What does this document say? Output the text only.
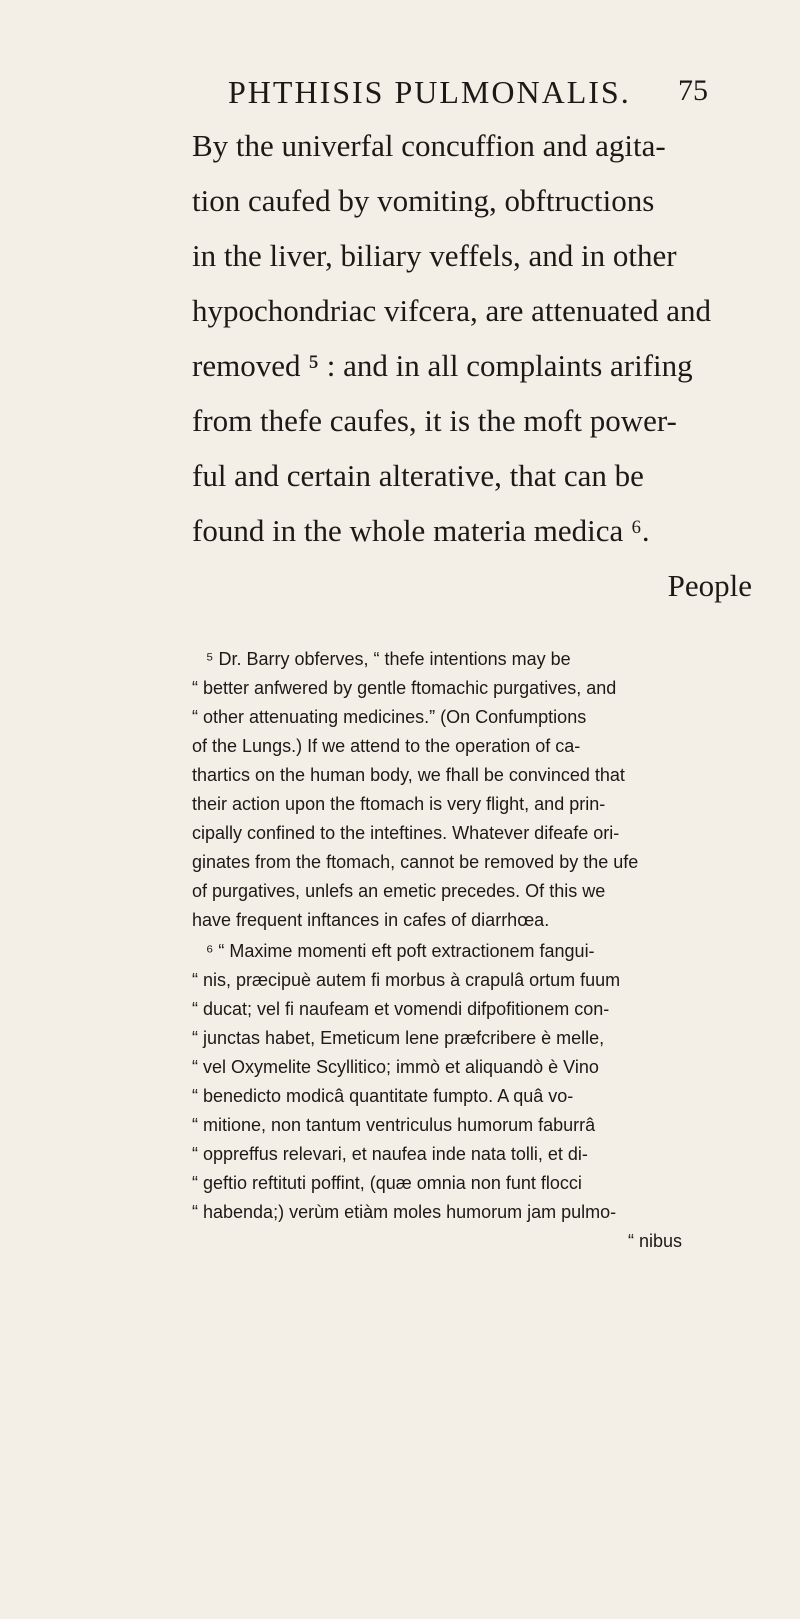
PHTHISIS PULMONALIS.	75
By the univerfal concuffion and agita-
tion caufed by vomiting, obftructions
in the liver, biliary veffels, and in other
hypochondriac vifcera, are attenuated and
removed ⁵ : and in all complaints arifing
from thefe caufes, it is the moft power-
ful and certain alterative, that can be
found in the whole materia medica ⁶.
People
⁵ Dr. Barry obferves, “ thefe intentions may be
“ better anfwered by gentle ftomachic purgatives, and
“ other attenuating medicines.” (On Confumptions
of the Lungs.) If we attend to the operation of ca-
thartics on the human body, we fhall be convinced that
their action upon the ftomach is very flight, and prin-
cipally confined to the inteftines. Whatever difeafe ori-
ginates from the ftomach, cannot be removed by the ufe
of purgatives, unlefs an emetic precedes. Of this we
have frequent inftances in cafes of diarrhœa.
⁶ “ Maxime momenti eft poft extractionem fangui-
“ nis, præcipuè autem fi morbus à crapulâ ortum fuum
“ ducat; vel fi naufeam et vomendi difpofitionem con-
“ junctas habet, Emeticum lene præfcribere è melle,
“ vel Oxymelite Scyllitico; immò et aliquandò è Vino
“ benedicto modicâ quantitate fumpto. A quâ vo-
“ mitione, non tantum ventriculus humorum faburrâ
“ oppreffus relevari, et naufea inde nata tolli, et di-
“ geftio reftituti poffint, (quæ omnia non funt flocci
“ habenda;) verùm etiàm moles humorum jam pulmo-
“ nibus
